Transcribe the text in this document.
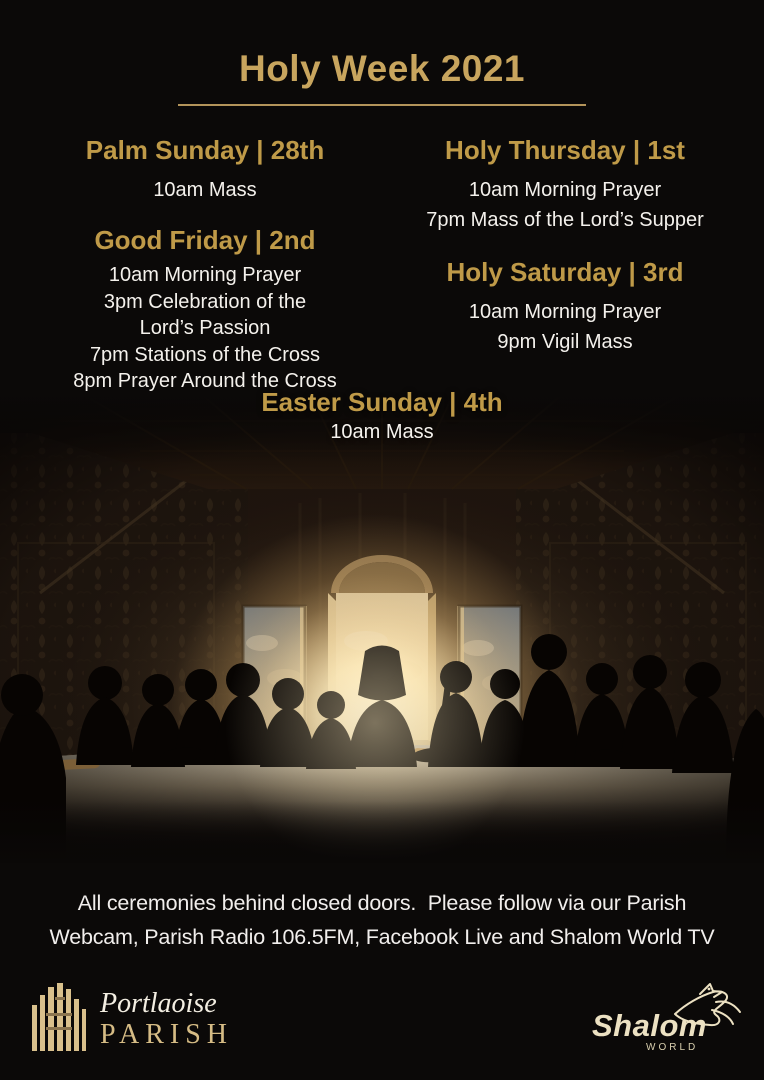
Holy Week 2021
Palm Sunday | 28th
10am Mass
Good Friday | 2nd
10am Morning Prayer
3pm Celebration of the Lord’s Passion
7pm Stations of the Cross
8pm Prayer Around the Cross
Holy Thursday | 1st
10am Morning Prayer
7pm Mass of the Lord’s Supper
Holy Saturday | 3rd
10am Morning Prayer
9pm Vigil Mass
Easter Sunday | 4th
10am Mass
All ceremonies behind closed doors.  Please follow via our Parish
Webcam, Parish Radio 106.5FM, Facebook Live and Shalom World TV
Portlaoise
PARISH	Shalom
WORLD
